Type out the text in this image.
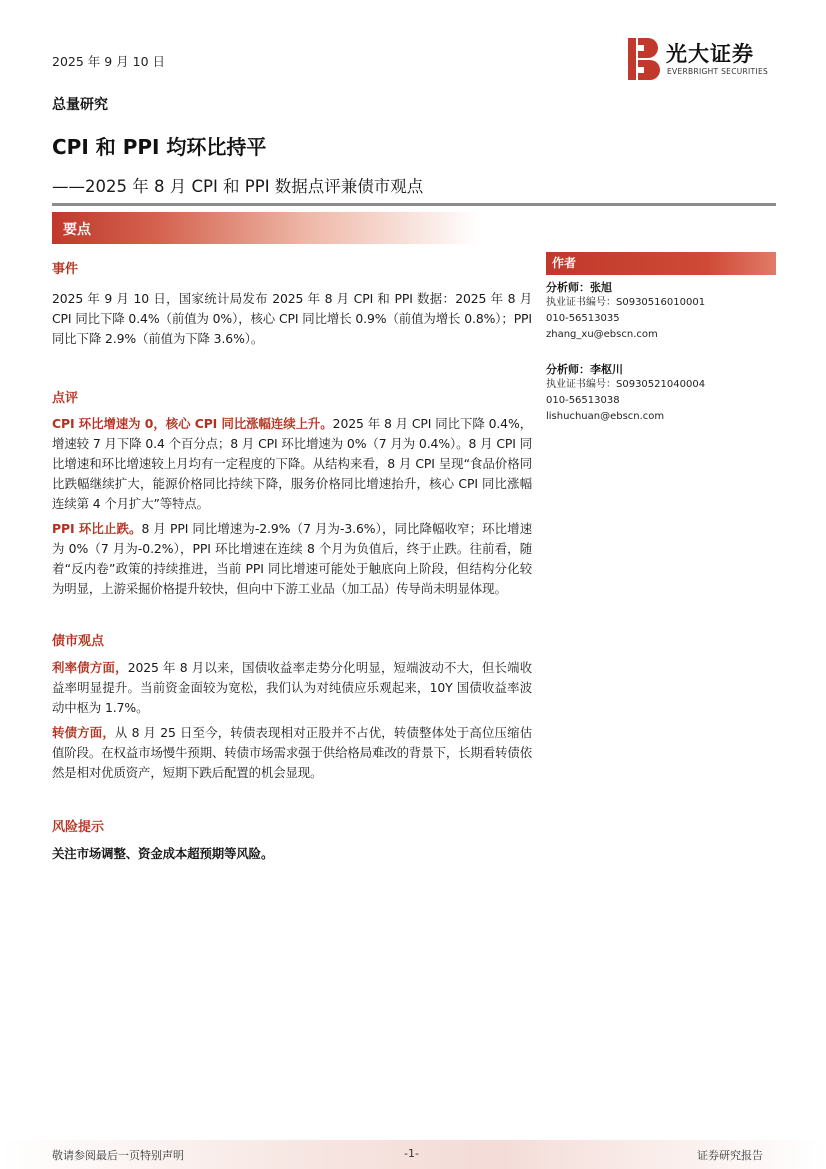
2025 年 9 月 10 日	光大证券
EVERBRIGHT SECURITIES
总量研究
CPI 和 PPI 均环比持平
——2025 年 8 月 CPI 和 PPI 数据点评兼债市观点
要点

事件

2025 年 9 月 10 日，国家统计局发布 2025 年 8 月 CPI 和 PPI 数据：2025 年 8 月 CPI 同比下降 0.4%（前值为 0%），核心 CPI 同比增长 0.9%（前值为增长 0.8%）；PPI 同比下降 2.9%（前值为下降 3.6%）。

点评

CPI 环比增速为 0，核心 CPI 同比涨幅连续上升。2025 年 8 月 CPI 同比下降 0.4%，增速较 7 月下降 0.4 个百分点；8 月 CPI 环比增速为 0%（7 月为 0.4%）。8 月 CPI 同比增速和环比增速较上月均有一定程度的下降。从结构来看，8 月 CPI 呈现“食品价格同比跌幅继续扩大，能源价格同比持续下降，服务价格同比增速抬升，核心 CPI 同比涨幅连续第 4 个月扩大”等特点。

PPI 环比止跌。8 月 PPI 同比增速为-2.9%（7 月为-3.6%），同比降幅收窄；环比增速为 0%（7 月为-0.2%），PPI 环比增速在连续 8 个月为负值后，终于止跌。往前看，随着“反内卷”政策的持续推进，当前 PPI 同比增速可能处于触底向上阶段，但结构分化较为明显，上游采掘价格提升较快，但向中下游工业品（加工品）传导尚未明显体现。

债市观点

利率债方面，2025 年 8 月以来，国债收益率走势分化明显，短端波动不大，但长端收益率明显提升。当前资金面较为宽松，我们认为对纯债应乐观起来，10Y 国债收益率波动中枢为 1.7%。

转债方面，从 8 月 25 日至今，转债表现相对正股并不占优，转债整体处于高位压缩估值阶段。在权益市场慢牛预期、转债市场需求强于供给格局难改的背景下，长期看转债依然是相对优质资产，短期下跌后配置的机会显现。

风险提示

关注市场调整、资金成本超预期等风险。

作者
分析师：张旭
执业证书编号：S0930516010001
010-56513035
zhang_xu@ebscn.com
分析师：李枢川
执业证书编号：S0930521040004
010-56513038
lishuchuan@ebscn.com
敬请参阅最后一页特别声明	-1-	证券研究报告
